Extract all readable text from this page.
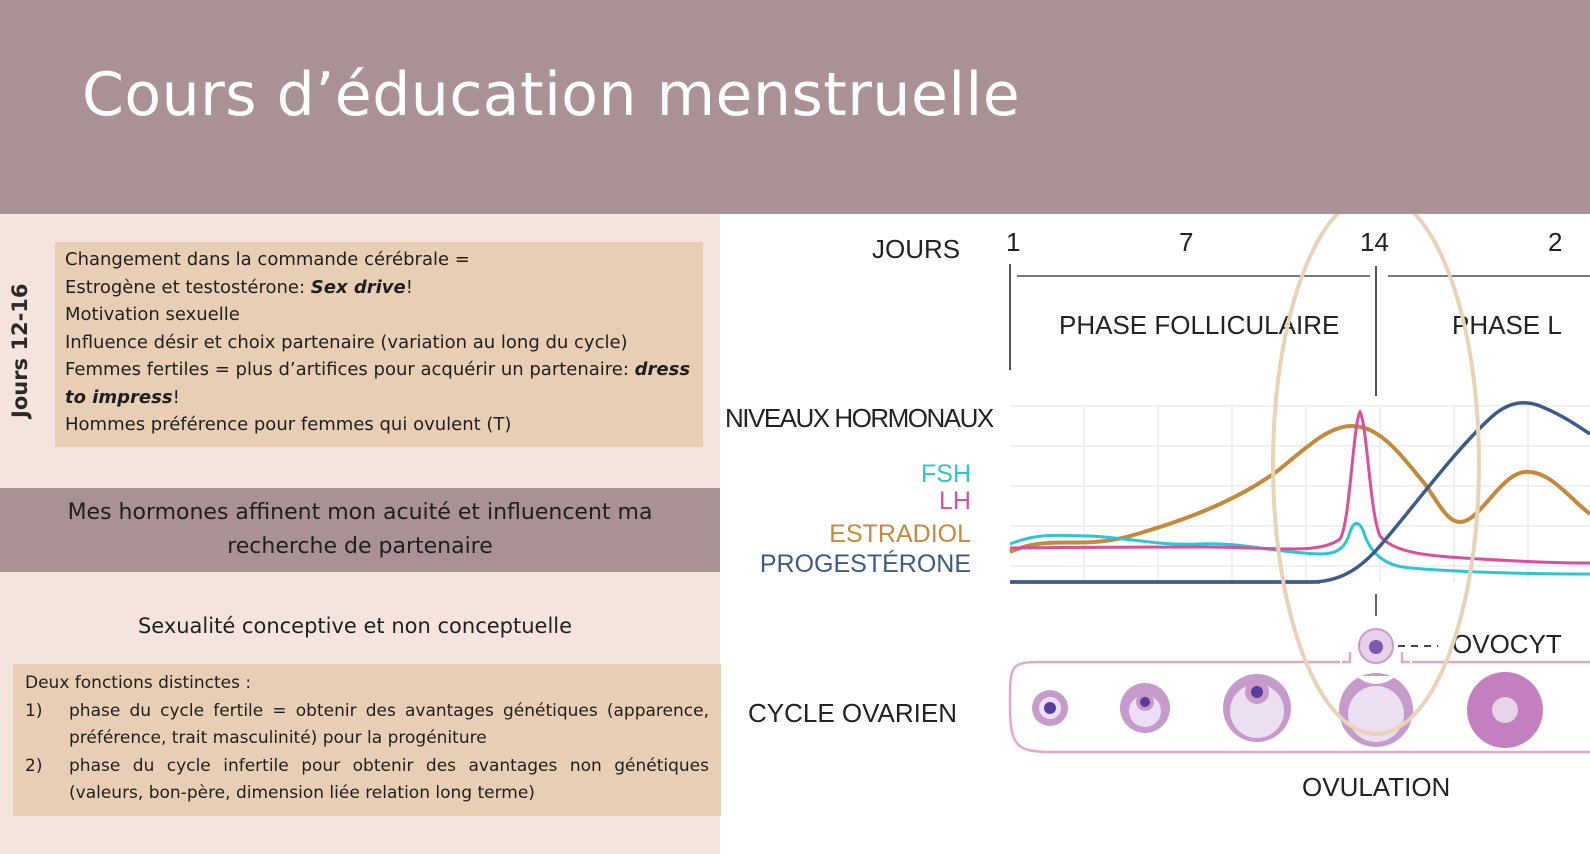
Cours d’éducation menstruelle
Jours 12-16

Changement dans la commande cérébrale =

Estrogène et testostérone: Sex drive!

Motivation sexuelle

Influence désir et choix partenaire (variation au long du cycle)

Femmes fertiles = plus d’artifices pour acquérir un partenaire: dress
to impress!

Hommes préférence pour femmes qui ovulent (T)

Mes hormones affinent mon acuité et influencent ma
recherche de partenaire
Sexualité conceptive et non conceptuelle

Deux fonctions distinctes :

1)	phase du cycle fertile = obtenir des avantages génétiques (apparence, préférence, trait masculinité) pour la progéniture
2)	phase du cycle infertile pour obtenir des avantages non génétiques (valeurs, bon-père, dimension liée relation long terme)
JOURS 1	7	14	2
PHASE FOLLICULAIRE	PHASE L
NIVEAUX HORMONAUX
FSH
LH
ESTRADIOL
PROGESTÉRONE
OVOCYT
CYCLE OVARIEN
OVULATION
